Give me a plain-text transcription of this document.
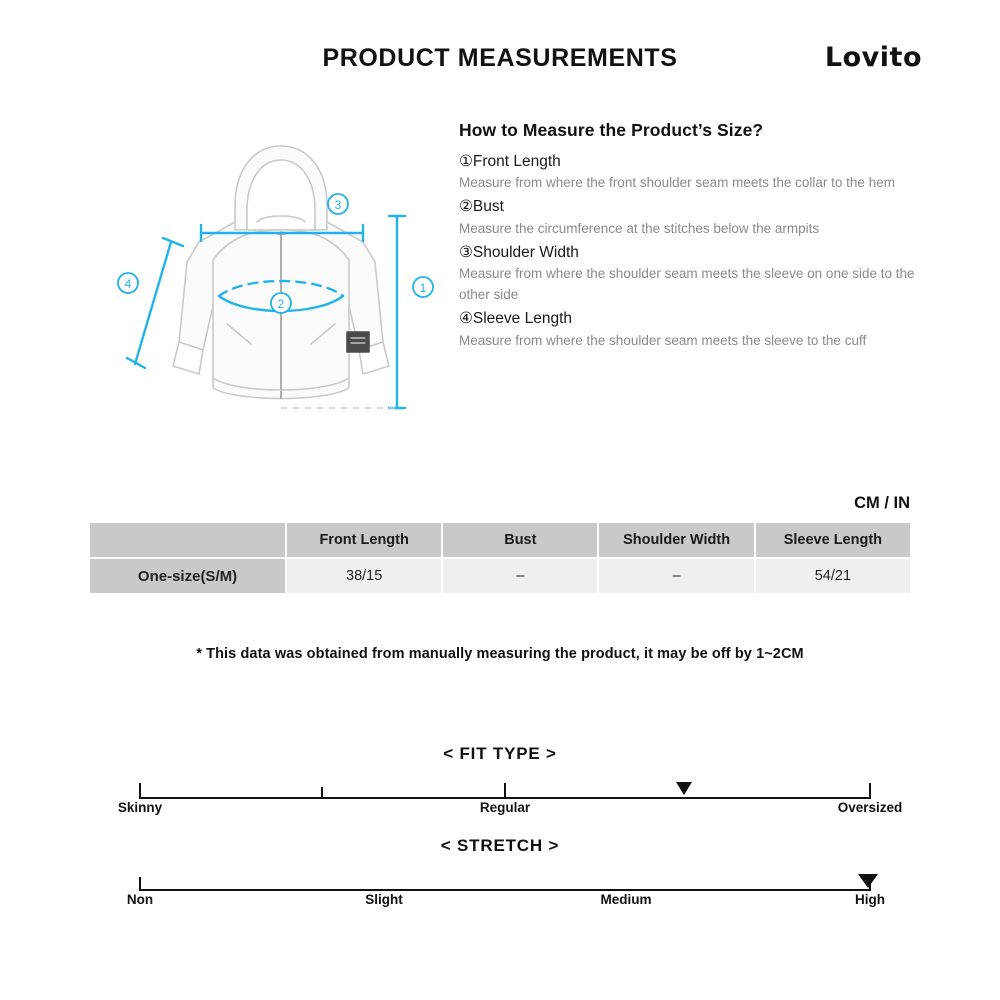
PRODUCT MEASUREMENTS	Lovito
3
2
1
4
How to Measure the Product’s Size?
①Front Length
Measure from where the front shoulder seam meets the collar to the hem
②Bust
Measure the circumference at the stitches below the armpits
③Shoulder Width
Measure from where the shoulder seam meets the sleeve on one side to the other side
④Sleeve Length
Measure from where the shoulder seam meets the sleeve to the cuff
CM / IN
	Front Length	Bust	Shoulder Width	Sleeve Length
One-size(S/M)	38/15	–	–	54/21
* This data was obtained from manually measuring the product, it may be off by 1~2CM
< FIT TYPE >
Skinny	Regular	Oversized
< STRETCH >
Non	Slight	Medium	High
